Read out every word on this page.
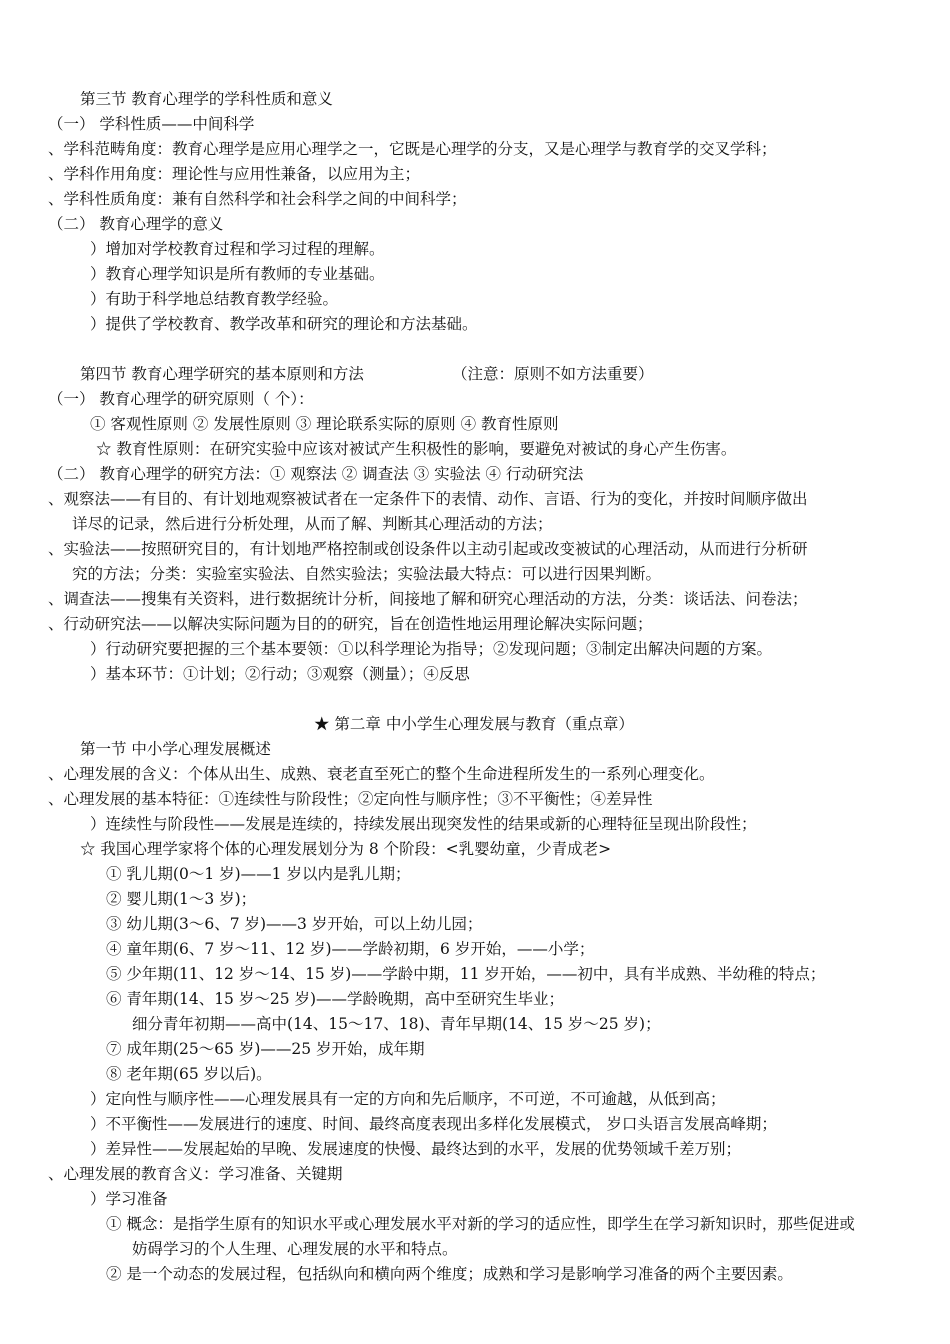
第三节 教育心理学的学科性质和意义
（一） 学科性质——中间科学
、学科范畴角度：教育心理学是应用心理学之一，它既是心理学的分支，又是心理学与教育学的交叉学科；
、学科作用角度：理论性与应用性兼备，以应用为主；
、学科性质角度：兼有自然科学和社会科学之间的中间科学；
（二） 教育心理学的意义
）增加对学校教育过程和学习过程的理解。
）教育心理学知识是所有教师的专业基础。
）有助于科学地总结教育教学经验。
）提供了学校教育、教学改革和研究的理论和方法基础。
第四节 教育心理学研究的基本原则和方法	（注意：原则不如方法重要）
（一） 教育心理学的研究原则（ 个）：
① 客观性原则 ② 发展性原则 ③ 理论联系实际的原则 ④ 教育性原则
☆ 教育性原则：在研究实验中应该对被试产生积极性的影响，要避免对被试的身心产生伤害。
（二） 教育心理学的研究方法：① 观察法 ② 调查法 ③ 实验法 ④ 行动研究法
、观察法——有目的、有计划地观察被试者在一定条件下的表情、动作、言语、行为的变化，并按时间顺序做出
详尽的记录，然后进行分析处理，从而了解、判断其心理活动的方法；
、实验法——按照研究目的，有计划地严格控制或创设条件以主动引起或改变被试的心理活动，从而进行分析研
究的方法；分类：实验室实验法、自然实验法；实验法最大特点：可以进行因果判断。
、调查法——搜集有关资料，进行数据统计分析，间接地了解和研究心理活动的方法，分类：谈话法、问卷法；
、行动研究法——以解决实际问题为目的的研究，旨在创造性地运用理论解决实际问题；
）行动研究要把握的三个基本要领：①以科学理论为指导；②发现问题；③制定出解决问题的方案。
）基本环节：①计划；②行动；③观察（测量）；④反思
★ 第二章 中小学生心理发展与教育（重点章）
第一节 中小学心理发展概述
、心理发展的含义：个体从出生、成熟、衰老直至死亡的整个生命进程所发生的一系列心理变化。
、心理发展的基本特征：①连续性与阶段性；②定向性与顺序性；③不平衡性；④差异性
）连续性与阶段性——发展是连续的，持续发展出现突发性的结果或新的心理特征呈现出阶段性；
☆ 我国心理学家将个体的心理发展划分为 8 个阶段：<乳婴幼童，少青成老>
① 乳儿期(0～1 岁)——1 岁以内是乳儿期；
② 婴儿期(1～3 岁)；
③ 幼儿期(3～6、7 岁)——3 岁开始，可以上幼儿园；
④ 童年期(6、7 岁～11、12 岁)——学龄初期，6 岁开始，——小学；
⑤ 少年期(11、12 岁～14、15 岁)——学龄中期，11 岁开始，——初中，具有半成熟、半幼稚的特点；
⑥ 青年期(14、15 岁～25 岁)——学龄晚期，高中至研究生毕业；
细分青年初期——高中(14、15～17、18)、青年早期(14、15 岁～25 岁)；
⑦ 成年期(25～65 岁)——25 岁开始，成年期
⑧ 老年期(65 岁以后)。
）定向性与顺序性——心理发展具有一定的方向和先后顺序，不可逆，不可逾越，从低到高；
）不平衡性——发展进行的速度、时间、最终高度表现出多样化发展模式， 岁口头语言发展高峰期；
）差异性——发展起始的早晚、发展速度的快慢、最终达到的水平，发展的优势领域千差万别；
、心理发展的教育含义：学习准备、关键期
）学习准备
① 概念：是指学生原有的知识水平或心理发展水平对新的学习的适应性，即学生在学习新知识时，那些促进或
妨碍学习的个人生理、心理发展的水平和特点。
② 是一个动态的发展过程，包括纵向和横向两个维度；成熟和学习是影响学习准备的两个主要因素。
